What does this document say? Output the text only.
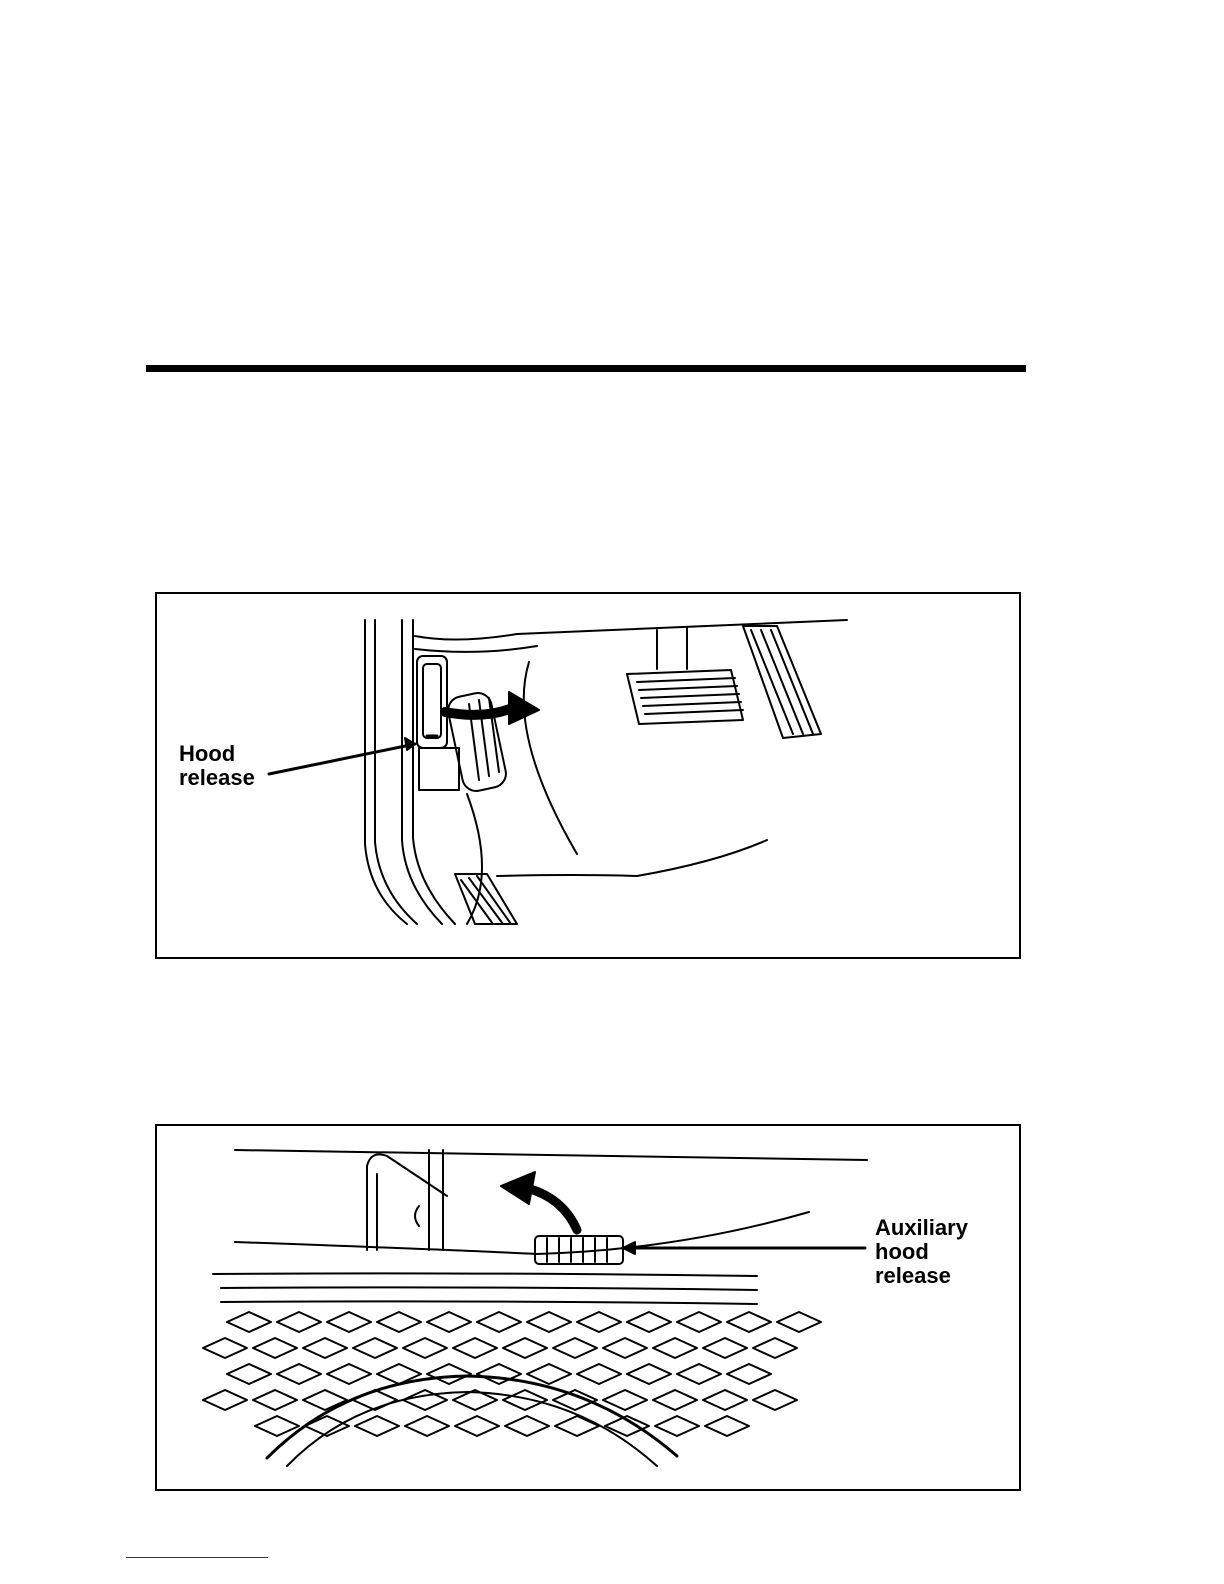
Hood
release
Auxiliary
hood
release
